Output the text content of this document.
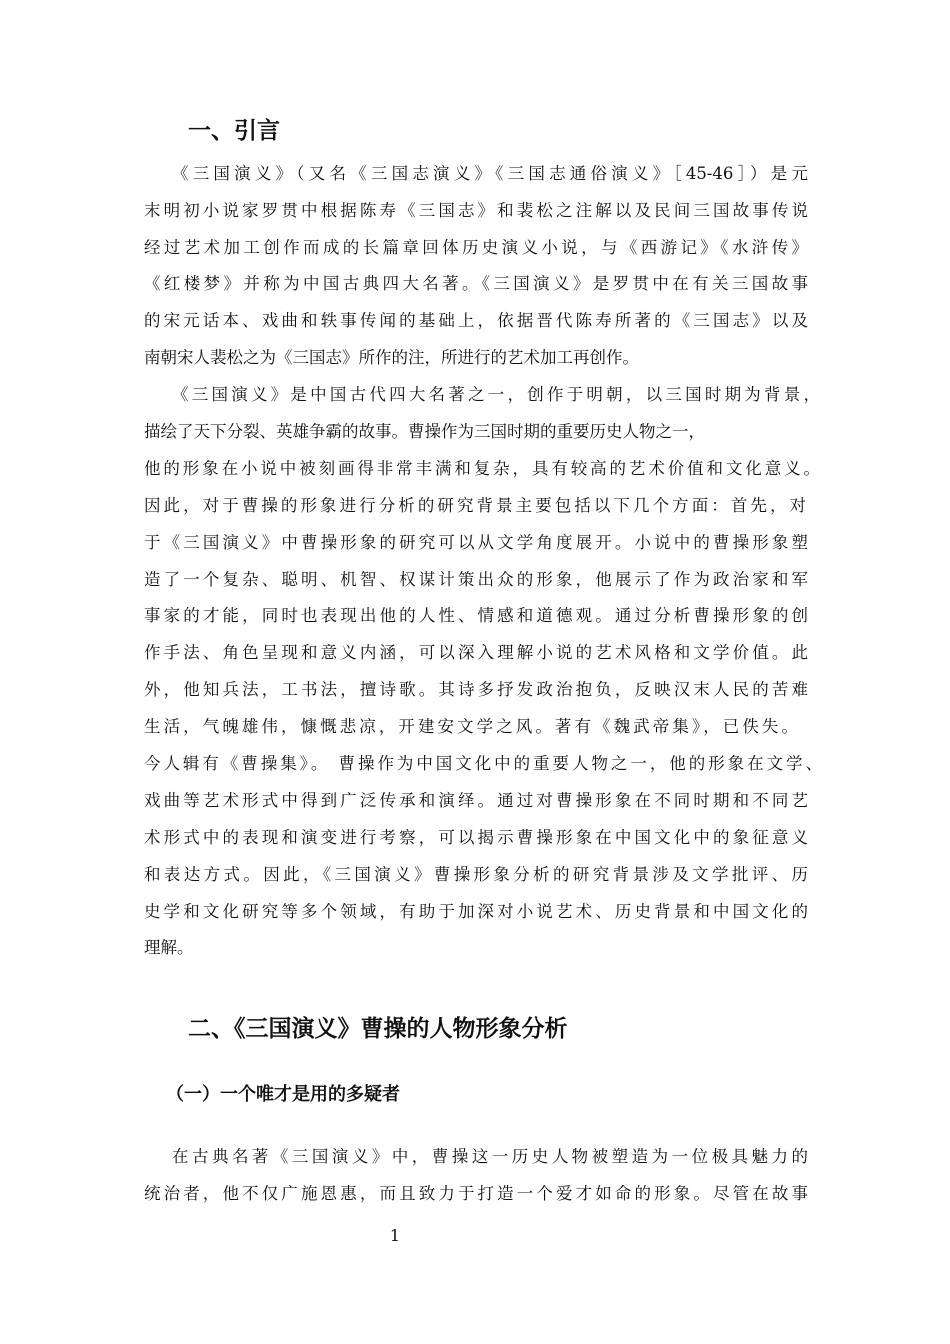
一、引言

《三国演义》（又名《三国志演义》《三国志通俗演义》［45-46］）是元

末明初小说家罗贯中根据陈寿《三国志》和裴松之注解以及民间三国故事传说

经过艺术加工创作而成的长篇章回体历史演义小说，与《西游记》《水浒传》

《红楼梦》并称为中国古典四大名著。《三国演义》是罗贯中在有关三国故事

的宋元话本、戏曲和轶事传闻的基础上，依据晋代陈寿所著的《三国志》以及

南朝宋人裴松之为《三国志》所作的注，所进行的艺术加工再创作。

《三国演义》是中国古代四大名著之一，创作于明朝，以三国时期为背景，

描绘了天下分裂、英雄争霸的故事。曹操作为三国时期的重要历史人物之一，

他的形象在小说中被刻画得非常丰满和复杂，具有较高的艺术价值和文化意义。

因此，对于曹操的形象进行分析的研究背景主要包括以下几个方面：首先，对

于《三国演义》中曹操形象的研究可以从文学角度展开。小说中的曹操形象塑

造了一个复杂、聪明、机智、权谋计策出众的形象，他展示了作为政治家和军

事家的才能，同时也表现出他的人性、情感和道德观。通过分析曹操形象的创

作手法、角色呈现和意义内涵，可以深入理解小说的艺术风格和文学价值。此

外，他知兵法，工书法，擅诗歌。其诗多抒发政治抱负，反映汉末人民的苦难

生活，气魄雄伟，慷慨悲凉，开建安文学之风。著有《魏武帝集》，已佚失。

今人辑有《曹操集》。 曹操作为中国文化中的重要人物之一，他的形象在文学、

戏曲等艺术形式中得到广泛传承和演绎。通过对曹操形象在不同时期和不同艺

术形式中的表现和演变进行考察，可以揭示曹操形象在中国文化中的象征意义

和表达方式。因此，《三国演义》曹操形象分析的研究背景涉及文学批评、历

史学和文化研究等多个领域，有助于加深对小说艺术、历史背景和中国文化的

理解。

二、《三国演义》曹操的人物形象分析
（一）一个唯才是用的多疑者

在古典名著《三国演义》中，曹操这一历史人物被塑造为一位极具魅力的

统治者，他不仅广施恩惠，而且致力于打造一个爱才如命的形象。尽管在故事

1
